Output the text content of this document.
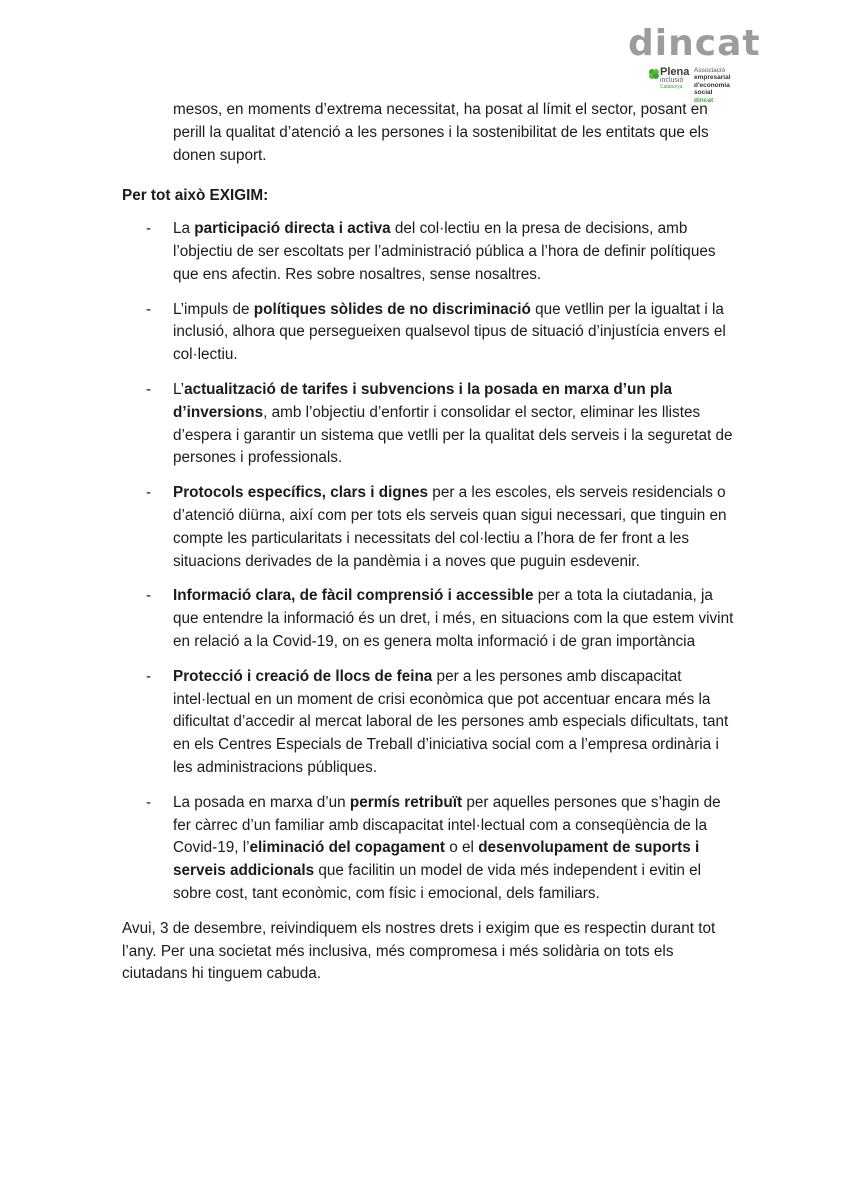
dincat
Plena
inclusió
Catalunya
Associació
empresarial
d'economia
social
dincat

mesos, en moments d’extrema necessitat, ha posat al límit el sector, posant en perill la qualitat d’atenció a les persones i la sostenibilitat de les entitats que els donen suport.

Per tot això EXIGIM:

- La participació directa i activa del col·lectiu en la presa de decisions, amb l’objectiu de ser escoltats per l’administració pública a l’hora de definir polítiques que ens afectin. Res sobre nosaltres, sense nosaltres.
- L’impuls de polítiques sòlides de no discriminació que vetllin per la igualtat i la inclusió, alhora que persegueixen qualsevol tipus de situació d’injustícia envers el col·lectiu.
- L’actualització de tarifes i subvencions i la posada en marxa d’un pla d’inversions, amb l’objectiu d’enfortir i consolidar el sector, eliminar les llistes d’espera i garantir un sistema que vetlli per la qualitat dels serveis i la seguretat de persones i professionals.
- Protocols específics, clars i dignes per a les escoles, els serveis residencials o d’atenció diürna, així com per tots els serveis quan sigui necessari, que tinguin en compte les particularitats i necessitats del col·lectiu a l’hora de fer front a les situacions derivades de la pandèmia i a noves que puguin esdevenir.
- Informació clara, de fàcil comprensió i accessible per a tota la ciutadania, ja que entendre la informació és un dret, i més, en situacions com la que estem vivint en relació a la Covid-19, on es genera molta informació i de gran importància
- Protecció i creació de llocs de feina per a les persones amb discapacitat intel·lectual en un moment de crisi econòmica que pot accentuar encara més la dificultat d’accedir al mercat laboral de les persones amb especials dificultats, tant en els Centres Especials de Treball d’iniciativa social com a l’empresa ordinària i les administracions públiques.
- La posada en marxa d’un permís retribuït per aquelles persones que s’hagin de fer càrrec d’un familiar amb discapacitat intel·lectual com a conseqüència de la Covid-19, l’eliminació del copagament o el desenvolupament de suports i serveis addicionals que facilitin un model de vida més independent i evitin el sobre cost, tant econòmic, com físic i emocional, dels familiars.

Avui, 3 de desembre, reivindiquem els nostres drets i exigim que es respectin durant tot l’any. Per una societat més inclusiva, més compromesa i més solidària on tots els ciutadans hi tinguem cabuda.
